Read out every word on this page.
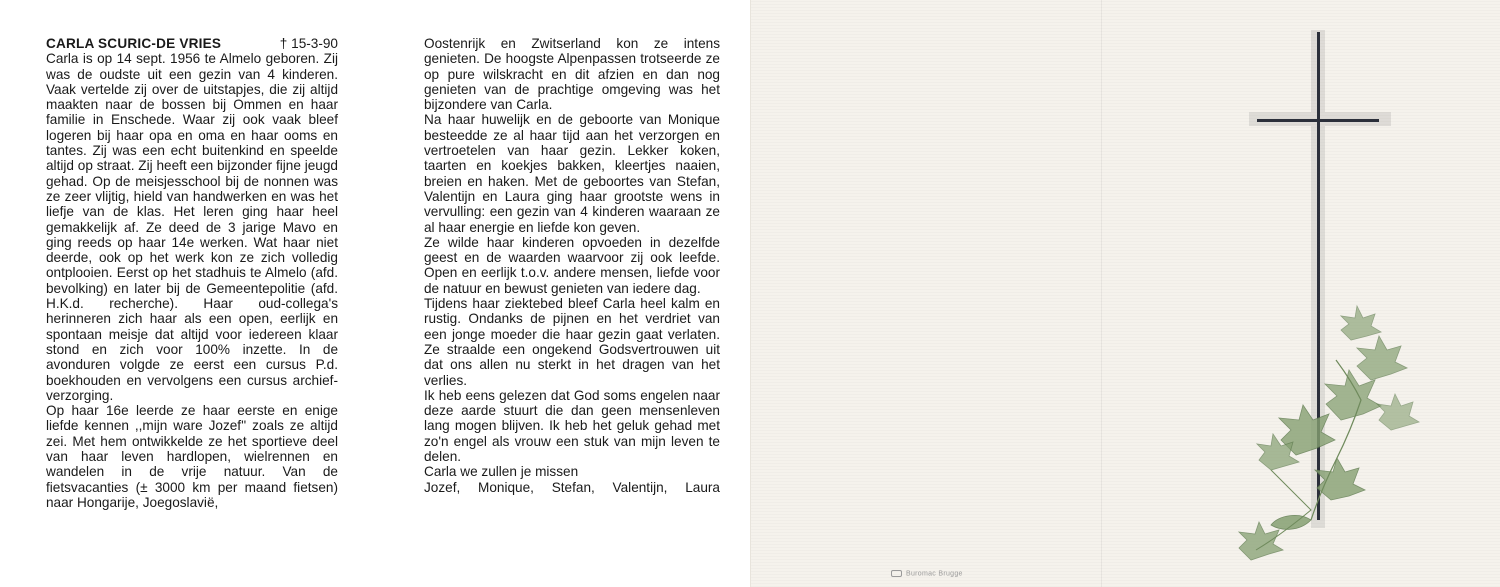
CARLA SCURIC-DE VRIES	† 15-3-90

Carla is op 14 sept. 1956 te Almelo geboren. Zij was de oudste uit een gezin van 4 kinderen. Vaak vertelde zij over de uitstapjes, die zij altijd maakten naar de bossen bij Ommen en haar familie in Enschede. Waar zij ook vaak bleef logeren bij haar opa en oma en haar ooms en tantes. Zij was een echt buitenkind en speelde altijd op straat. Zij heeft een bijzonder fijne jeugd gehad. Op de meisjesschool bij de nonnen was ze zeer vlijtig, hield van handwerken en was het liefje van de klas. Het leren ging haar heel gemakkelijk af. Ze deed de 3 jarige Mavo en ging reeds op haar 14e werken. Wat haar niet deerde, ook op het werk kon ze zich volledig ontplooien. Eerst op het stadhuis te Almelo (afd. bevolking) en later bij de Gemeentepolitie (afd. H.K.d. recherche). Haar oud-collega's herinneren zich haar als een open, eerlijk en spontaan meisje dat altijd voor iedereen klaar stond en zich voor 100% inzette. In de avonduren volgde ze eerst een cursus P.d. boekhouden en vervolgens een cursus archief-verzorging.

Op haar 16e leerde ze haar eerste en enige liefde kennen ,,mijn ware Jozef'' zoals ze altijd zei. Met hem ontwikkelde ze het sportieve deel van haar leven hardlopen, wielrennen en wandelen in de vrije natuur. Van de fietsvacanties (± 3000 km per maand fietsen) naar Hongarije, Joegoslavië,

Oostenrijk en Zwitserland kon ze intens genieten. De hoogste Alpenpassen trotseerde ze op pure wilskracht en dit afzien en dan nog genieten van de prachtige omgeving was het bijzondere van Carla.

Na haar huwelijk en de geboorte van Monique besteedde ze al haar tijd aan het verzorgen en vertroetelen van haar gezin. Lekker koken, taarten en koekjes bakken, kleertjes naaien, breien en haken. Met de geboortes van Stefan, Valentijn en Laura ging haar grootste wens in vervulling: een gezin van 4 kinderen waaraan ze al haar energie en liefde kon geven.

Ze wilde haar kinderen opvoeden in dezelfde geest en de waarden waarvoor zij ook leefde. Open en eerlijk t.o.v. andere mensen, liefde voor de natuur en bewust genieten van iedere dag.

Tijdens haar ziektebed bleef Carla heel kalm en rustig. Ondanks de pijnen en het verdriet van een jonge moeder die haar gezin gaat verlaten. Ze straalde een ongekend Godsvertrouwen uit dat ons allen nu sterkt in het dragen van het verlies.

Ik heb eens gelezen dat God soms engelen naar deze aarde stuurt die dan geen mensenleven lang mogen blijven. Ik heb het geluk gehad met zo'n engel als vrouw een stuk van mijn leven te delen.

Carla we zullen je missen

Jozef, Monique, Stefan, Valentijn, Laura

Buromac Brugge
